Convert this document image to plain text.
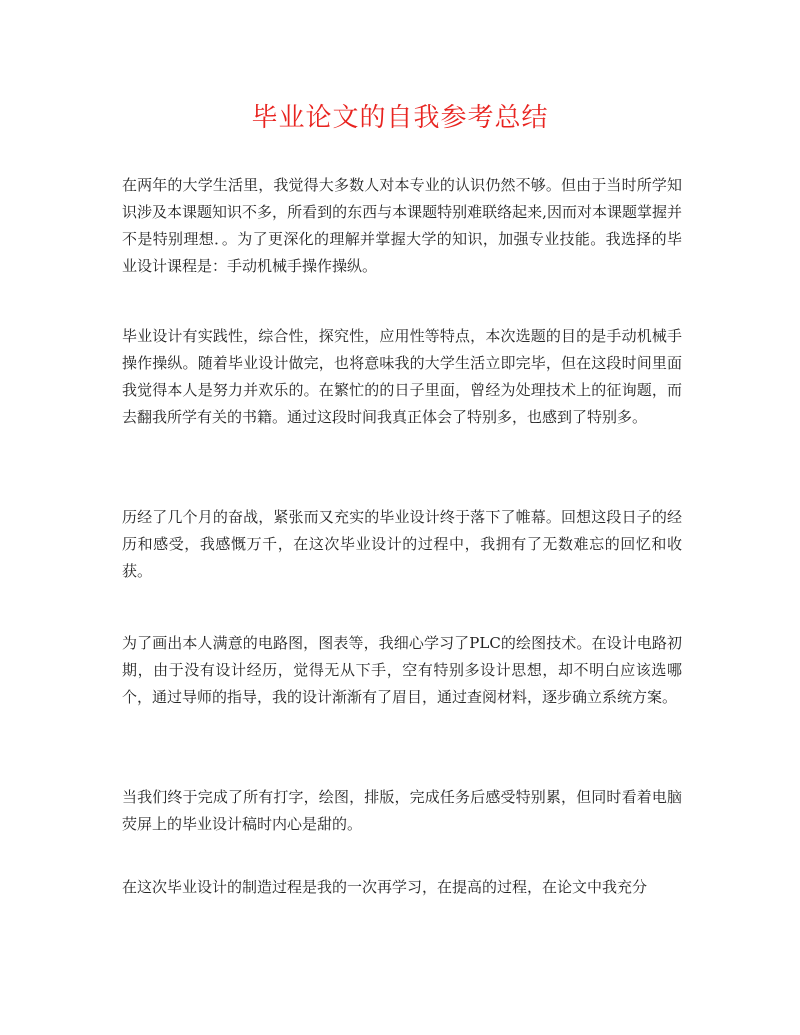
毕业论文的自我参考总结

在两年的大学生活里，我觉得大多数人对本专业的认识仍然不够。但由于当时所学知识涉及本课题知识不多，所看到的东西与本课题特别难联络起来,因而对本课题掌握并不是特别理想．。为了更深化的理解并掌握大学的知识，加强专业技能。我选择的毕业设计课程是：手动机械手操作操纵。

毕业设计有实践性，综合性，探究性，应用性等特点，本次选题的目的是手动机械手操作操纵。随着毕业设计做完，也将意味我的大学生活立即完毕，但在这段时间里面我觉得本人是努力并欢乐的。在繁忙的的日子里面，曾经为处理技术上的征询题，而去翻我所学有关的书籍。通过这段时间我真正体会了特别多，也感到了特别多。

历经了几个月的奋战，紧张而又充实的毕业设计终于落下了帷幕。回想这段日子的经历和感受，我感慨万千，在这次毕业设计的过程中，我拥有了无数难忘的回忆和收获。

为了画出本人满意的电路图，图表等，我细心学习了PLC的绘图技术。在设计电路初期，由于没有设计经历，觉得无从下手，空有特别多设计思想，却不明白应该选哪个，通过导师的指导，我的设计渐渐有了眉目，通过查阅材料，逐步确立系统方案。

当我们终于完成了所有打字，绘图，排版，完成任务后感受特别累，但同时看着电脑荧屏上的毕业设计稿时内心是甜的。

在这次毕业设计的制造过程是我的一次再学习，在提高的过程，在论文中我充分
